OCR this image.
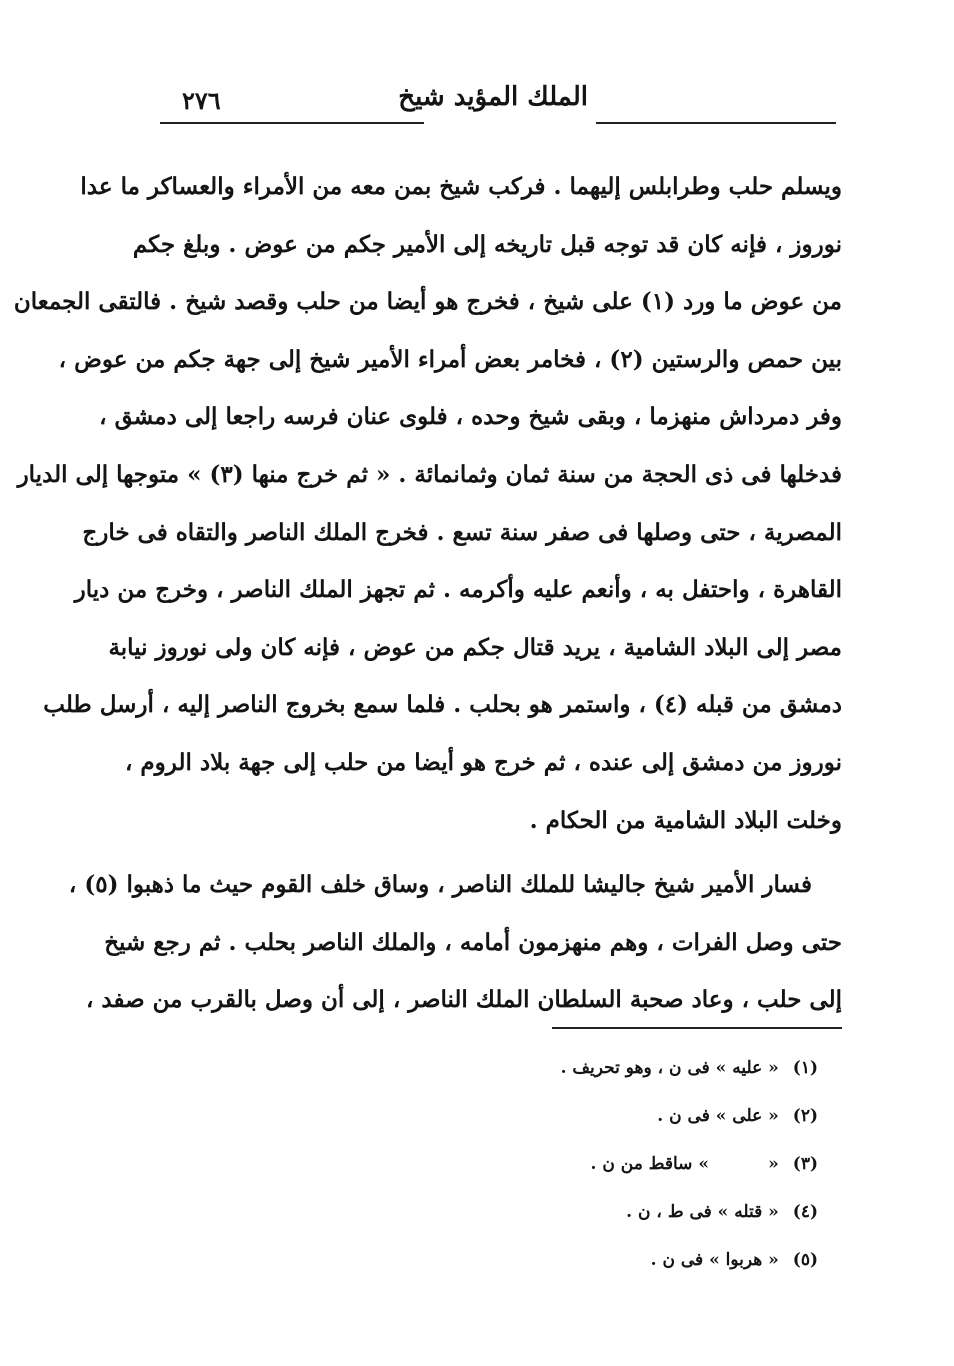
الملك المؤيد شيخ
٢٧٦
ويسلم حلب وطرابلس إليهما . فركب شيخ بمن معه من الأمراء والعساكر ما عدا
نوروز ، فإنه كان قد توجه قبل تاريخه إلى الأمير جكم من عوض . وبلغ جكم
من عوض ما ورد (١) على شيخ ، فخرج هو أيضا من حلب وقصد شيخ . فالتقى الجمعان
بين حمص والرستين (٢) ، فخامر بعض أمراء الأمير شيخ إلى جهة جكم من عوض ،
وفر دمرداش منهزما ، وبقى شيخ وحده ، فلوى عنان فرسه راجعا إلى دمشق ،
فدخلها فى ذى الحجة من سنة ثمان وثمانمائة . « ثم خرج منها (٣) » متوجها إلى الديار
المصرية ، حتى وصلها فى صفر سنة تسع . فخرج الملك الناصر والتقاه فى خارج
القاهرة ، واحتفل به ، وأنعم عليه وأكرمه . ثم تجهز الملك الناصر ، وخرج من ديار
مصر إلى البلاد الشامية ، يريد قتال جكم من عوض ، فإنه كان ولى نوروز نيابة
دمشق من قبله (٤) ، واستمر هو بحلب . فلما سمع بخروج الناصر إليه ، أرسل طلب
نوروز من دمشق إلى عنده ، ثم خرج هو أيضا من حلب إلى جهة بلاد الروم ،
وخلت البلاد الشامية من الحكام .
فسار الأمير شيخ جاليشا للملك الناصر ، وساق خلف القوم حيث ما ذهبوا (٥) ،
حتى وصل الفرات ، وهم منهزمون أمامه ، والملك الناصر بحلب . ثم رجع شيخ
إلى حلب ، وعاد صحبة السلطان الملك الناصر ، إلى أن وصل بالقرب من صفد ،
(١)« عليه » فى ن ، وهو تحريف .
(٢)« على » فى ن .
(٣)«          » ساقط من ن .
(٤)« قتله » فى ط ، ن .
(٥)« هربوا » فى ن .
